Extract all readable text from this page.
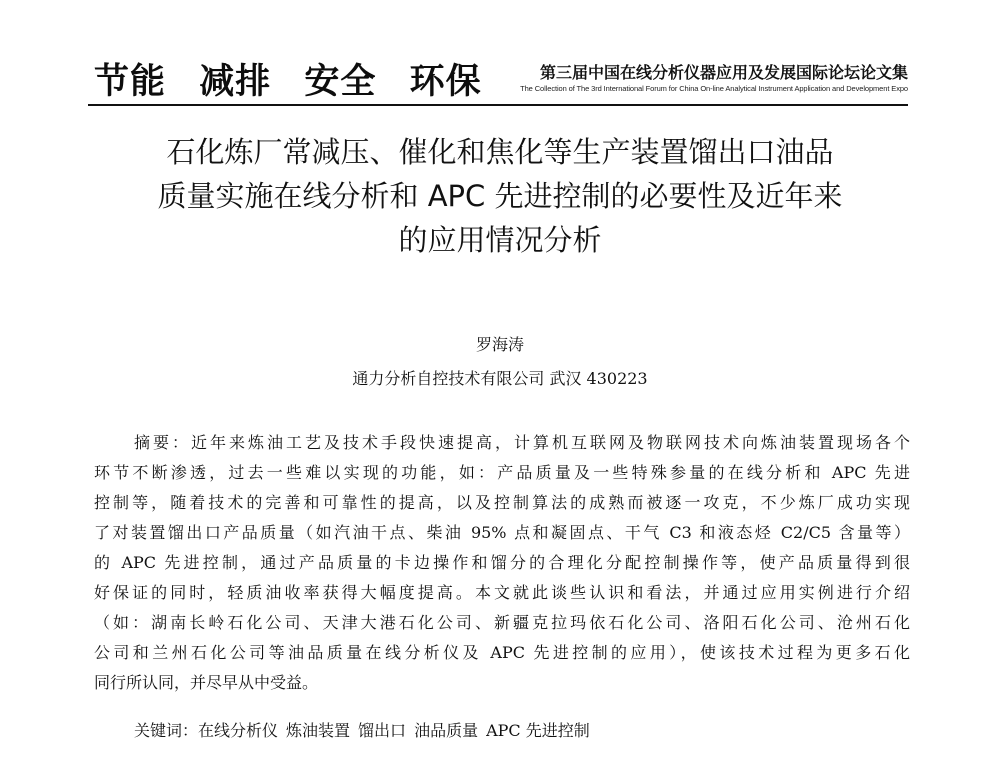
节能 减排 安全 环保	第三届中国在线分析仪器应用及发展国际论坛论文集
The Collection of The 3rd International Forum for China On-line Analytical Instrument Application and Development Expo
石化炼厂常减压、催化和焦化等生产装置馏出口油品
质量实施在线分析和 APC 先进控制的必要性及近年来
的应用情况分析
罗海涛
通力分析自控技术有限公司 武汉 430223
摘要：近年来炼油工艺及技术手段快速提高，计算机互联网及物联网技术向炼油装置现场各个
环节不断渗透，过去一些难以实现的功能，如：产品质量及一些特殊参量的在线分析和 APC 先进
控制等，随着技术的完善和可靠性的提高，以及控制算法的成熟而被逐一攻克，不少炼厂成功实现
了对装置馏出口产品质量（如汽油干点、柴油 95% 点和凝固点、干气 C3 和液态烃 C2/C5 含量等）
的 APC 先进控制，通过产品质量的卡边操作和馏分的合理化分配控制操作等，使产品质量得到很
好保证的同时，轻质油收率获得大幅度提高。本文就此谈些认识和看法，并通过应用实例进行介绍
（如：湖南长岭石化公司、天津大港石化公司、新疆克拉玛依石化公司、洛阳石化公司、沧州石化
公司和兰州石化公司等油品质量在线分析仪及 APC 先进控制的应用），使该技术过程为更多石化
同行所认同，并尽早从中受益。
关键词：在线分析仪 炼油装置 馏出口 油品质量 APC 先进控制
